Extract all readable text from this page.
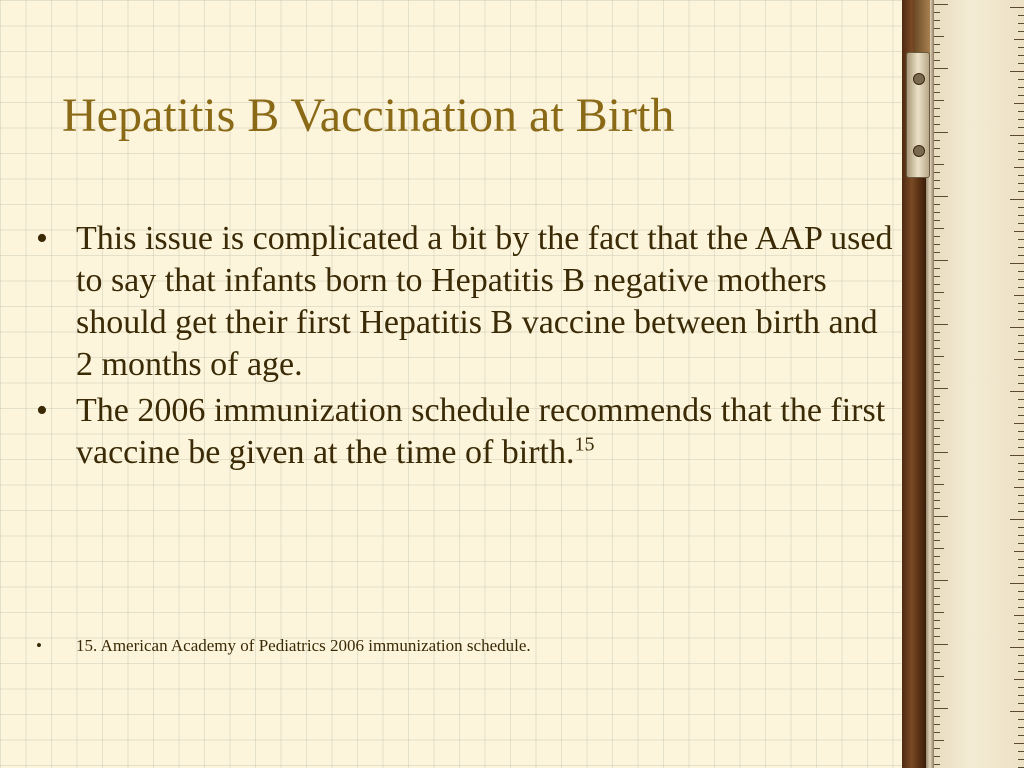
Hepatitis B Vaccination at Birth
• This issue is complicated a bit by the fact that the AAP used to say that infants born to Hepatitis B negative mothers should get their first Hepatitis B vaccine between birth and 2 months of age.
• The 2006 immunization schedule recommends that the first vaccine be given at the time of birth.$^{15}$
• 15. American Academy of Pediatrics 2006 immunization schedule.
